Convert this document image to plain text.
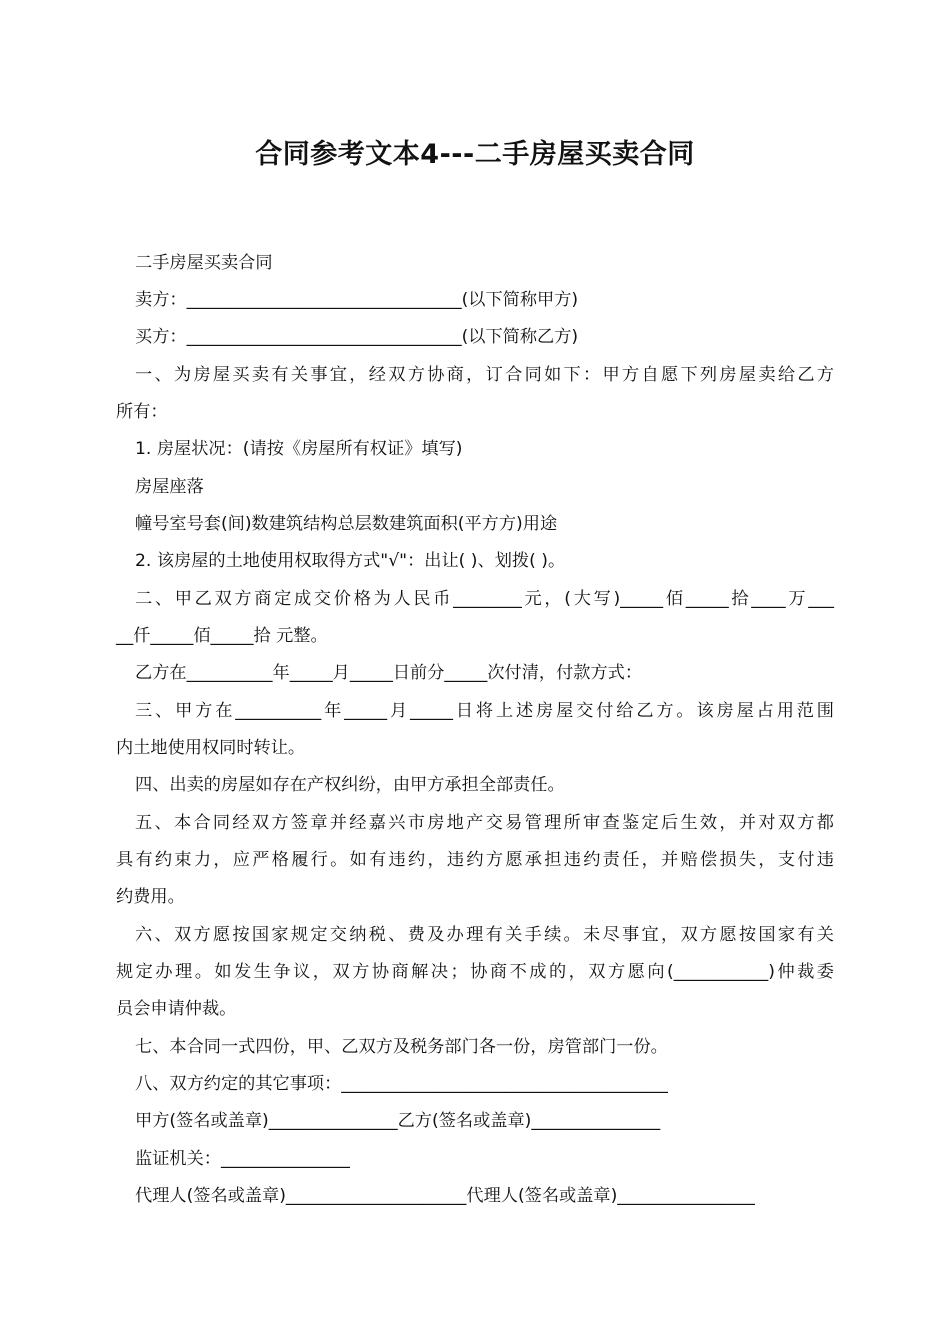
合同参考文本4---二手房屋买卖合同
二手房屋买卖合同
卖方：________________________________(以下简称甲方)
买方：________________________________(以下简称乙方)
一、为房屋买卖有关事宜，经双方协商，订合同如下：甲方自愿下列房屋卖给乙方
所有：
1. 房屋状况：(请按《房屋所有权证》填写)
房屋座落
幢号室号套(间)数建筑结构总层数建筑面积(平方方)用途
2. 该房屋的土地使用权取得方式"√"：出让( )、划拨( )。
二、甲乙双方商定成交价格为人民币________元，(大写)_____佰_____拾____万___
__仟_____佰_____拾 元整。
乙方在__________年_____月_____日前分_____次付清，付款方式：
三、甲方在__________年_____月_____日将上述房屋交付给乙方。该房屋占用范围
内土地使用权同时转让。
四、出卖的房屋如存在产权纠纷，由甲方承担全部责任。
五、本合同经双方签章并经嘉兴市房地产交易管理所审查鉴定后生效，并对双方都
具有约束力，应严格履行。如有违约，违约方愿承担违约责任，并赔偿损失，支付违
约费用。
六、双方愿按国家规定交纳税、费及办理有关手续。未尽事宜，双方愿按国家有关
规定办理。如发生争议，双方协商解决；协商不成的，双方愿向(___________)仲裁委
员会申请仲裁。
七、本合同一式四份，甲、乙双方及税务部门各一份，房管部门一份。
八、双方约定的其它事项：______________________________________
甲方(签名或盖章)_______________乙方(签名或盖章)_______________
监证机关：_______________
代理人(签名或盖章)_____________________代理人(签名或盖章)________________
